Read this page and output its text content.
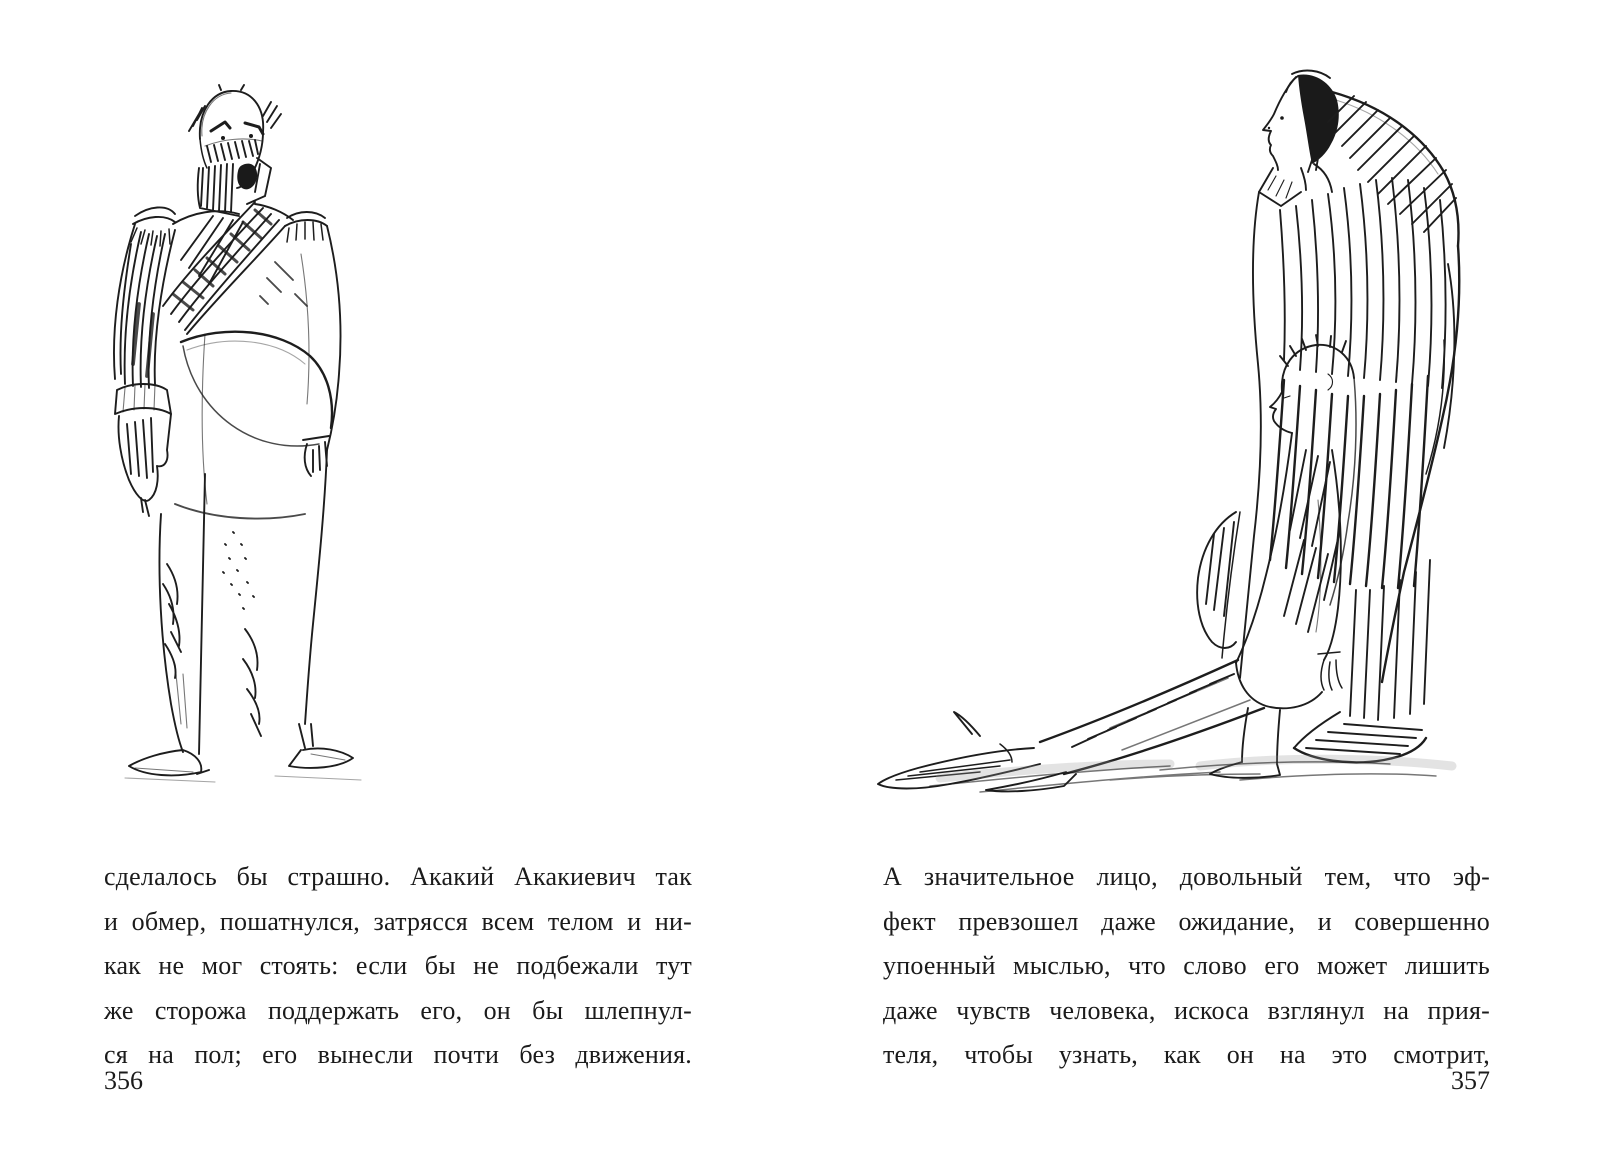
сделалось бы страшно. Акакий Акакиевич так
и обмер, пошатнулся, затрясся всем телом и ни-
как не мог стоять: если бы не подбежали тут
же сторожа поддержать его, он бы шлепнул-
ся на пол; его вынесли почти без движения.
А значительное лицо, довольный тем, что эф-
фект превзошел даже ожидание, и совершенно
упоенный мыслью, что слово его может лишить
даже чувств человека, искоса взглянул на прия-
теля, чтобы узнать, как он на это смотрит,
356	357
